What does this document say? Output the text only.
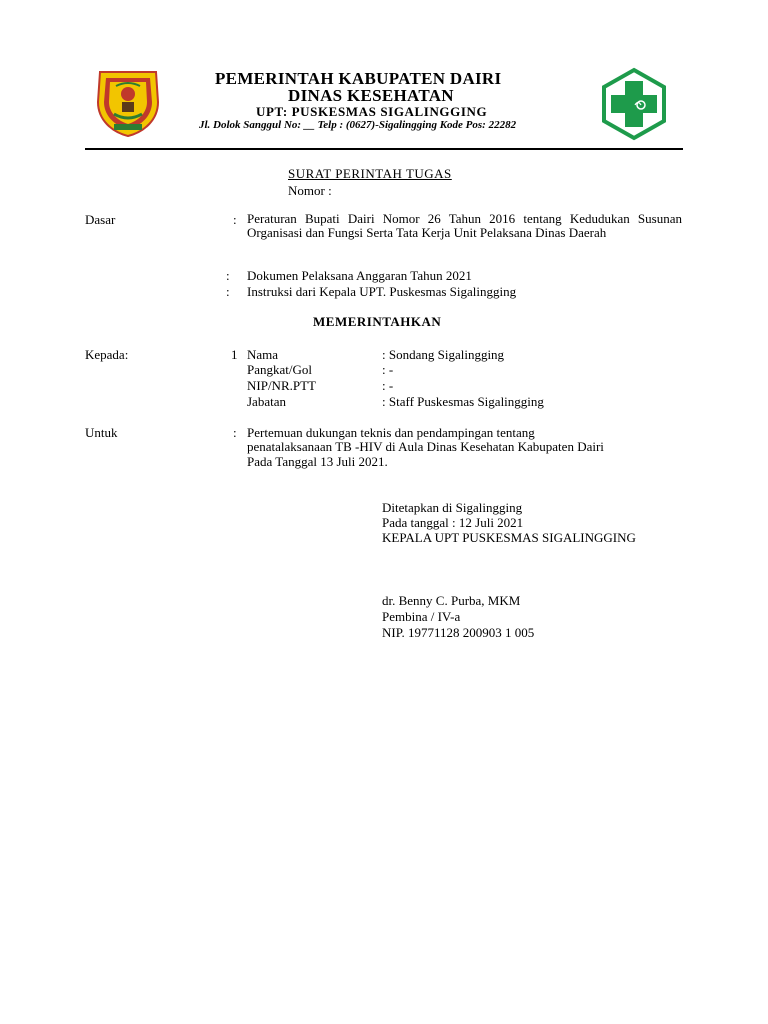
PEMERINTAH KABUPATEN DAIRI
DINAS KESEHATAN
UPT: PUSKESMAS SIGALINGGING
Jl. Dolok Sanggul No: __ Telp : (0627)-Sigalingging Kode Pos: 22282
SURAT PERINTAH TUGAS
Nomor :
Dasar	: Peraturan Bupati Dairi Nomor 26 Tahun 2016 tentang Kedudukan Susunan Organisasi dan Fungsi Serta Tata Kerja Unit Pelaksana Dinas Daerah
: Dokumen Pelaksana Anggaran Tahun 2021
: Instruksi dari Kepala UPT. Puskesmas Sigalingging
MEMERINTAHKAN
Kepada:	1 Nama	: Sondang Sigalingging
Pangkat/Gol	: -
NIP/NR.PTT	: -
Jabatan	: Staff Puskesmas Sigalingging
Untuk	: Pertemuan dukungan teknis dan pendampingan tentang
penatalaksanaan TB -HIV di Aula Dinas Kesehatan Kabupaten Dairi
Pada Tanggal 13 Juli 2021.
Ditetapkan di Sigalingging
Pada tanggal : 12 Juli 2021
KEPALA UPT PUSKESMAS SIGALINGGING
dr. Benny C. Purba, MKM
Pembina / IV-a
NIP. 19771128 200903 1 005
